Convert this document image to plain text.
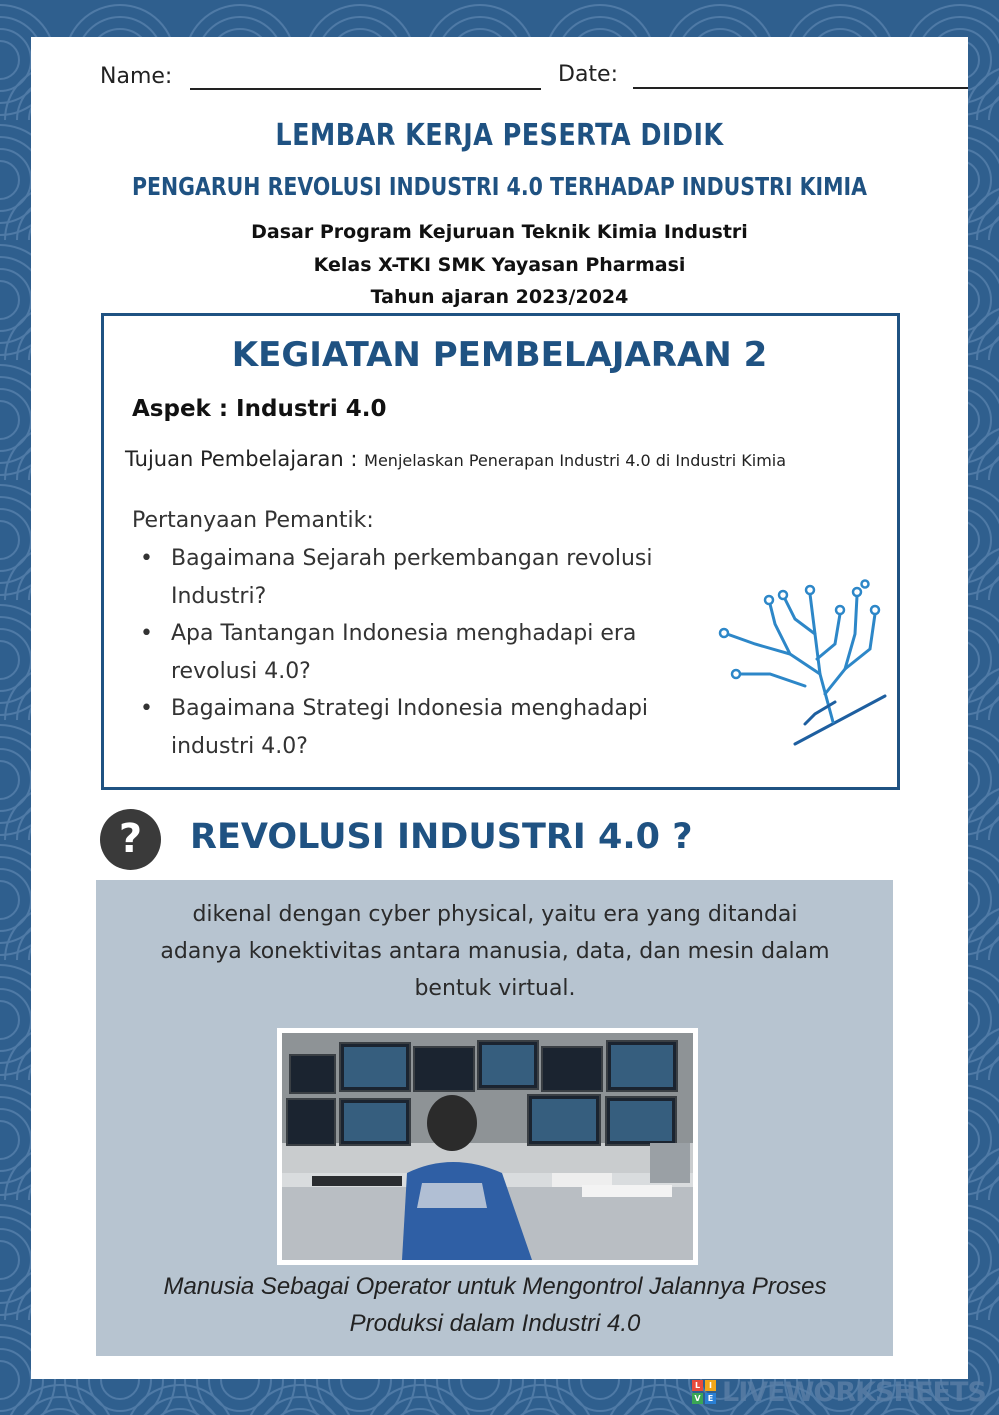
Name:	Date:
LEMBAR KERJA PESERTA DIDIK
PENGARUH REVOLUSI INDUSTRI 4.0 TERHADAP INDUSTRI KIMIA
Dasar Program Kejuruan Teknik Kimia Industri
Kelas X-TKI SMK Yayasan Pharmasi
Tahun ajaran 2023/2024
KEGIATAN PEMBELAJARAN 2
Aspek : Industri 4.0
Tujuan Pembelajaran : Menjelaskan Penerapan Industri 4.0 di Industri Kimia
Pertanyaan Pemantik:
• Bagaimana Sejarah perkembangan revolusi
Industri?
• Apa Tantangan Indonesia menghadapi era
revolusi 4.0?
• Bagaimana Strategi Indonesia menghadapi
industri 4.0?
?	REVOLUSI INDUSTRI 4.0 ?
dikenal dengan cyber physical, yaitu era yang ditandai
adanya konektivitas antara manusia, data, dan mesin dalam
bentuk virtual.
Manusia Sebagai Operator untuk Mengontrol Jalannya Proses
Produksi dalam Industri 4.0
L	I
V E LIVEWORKSHEETS
